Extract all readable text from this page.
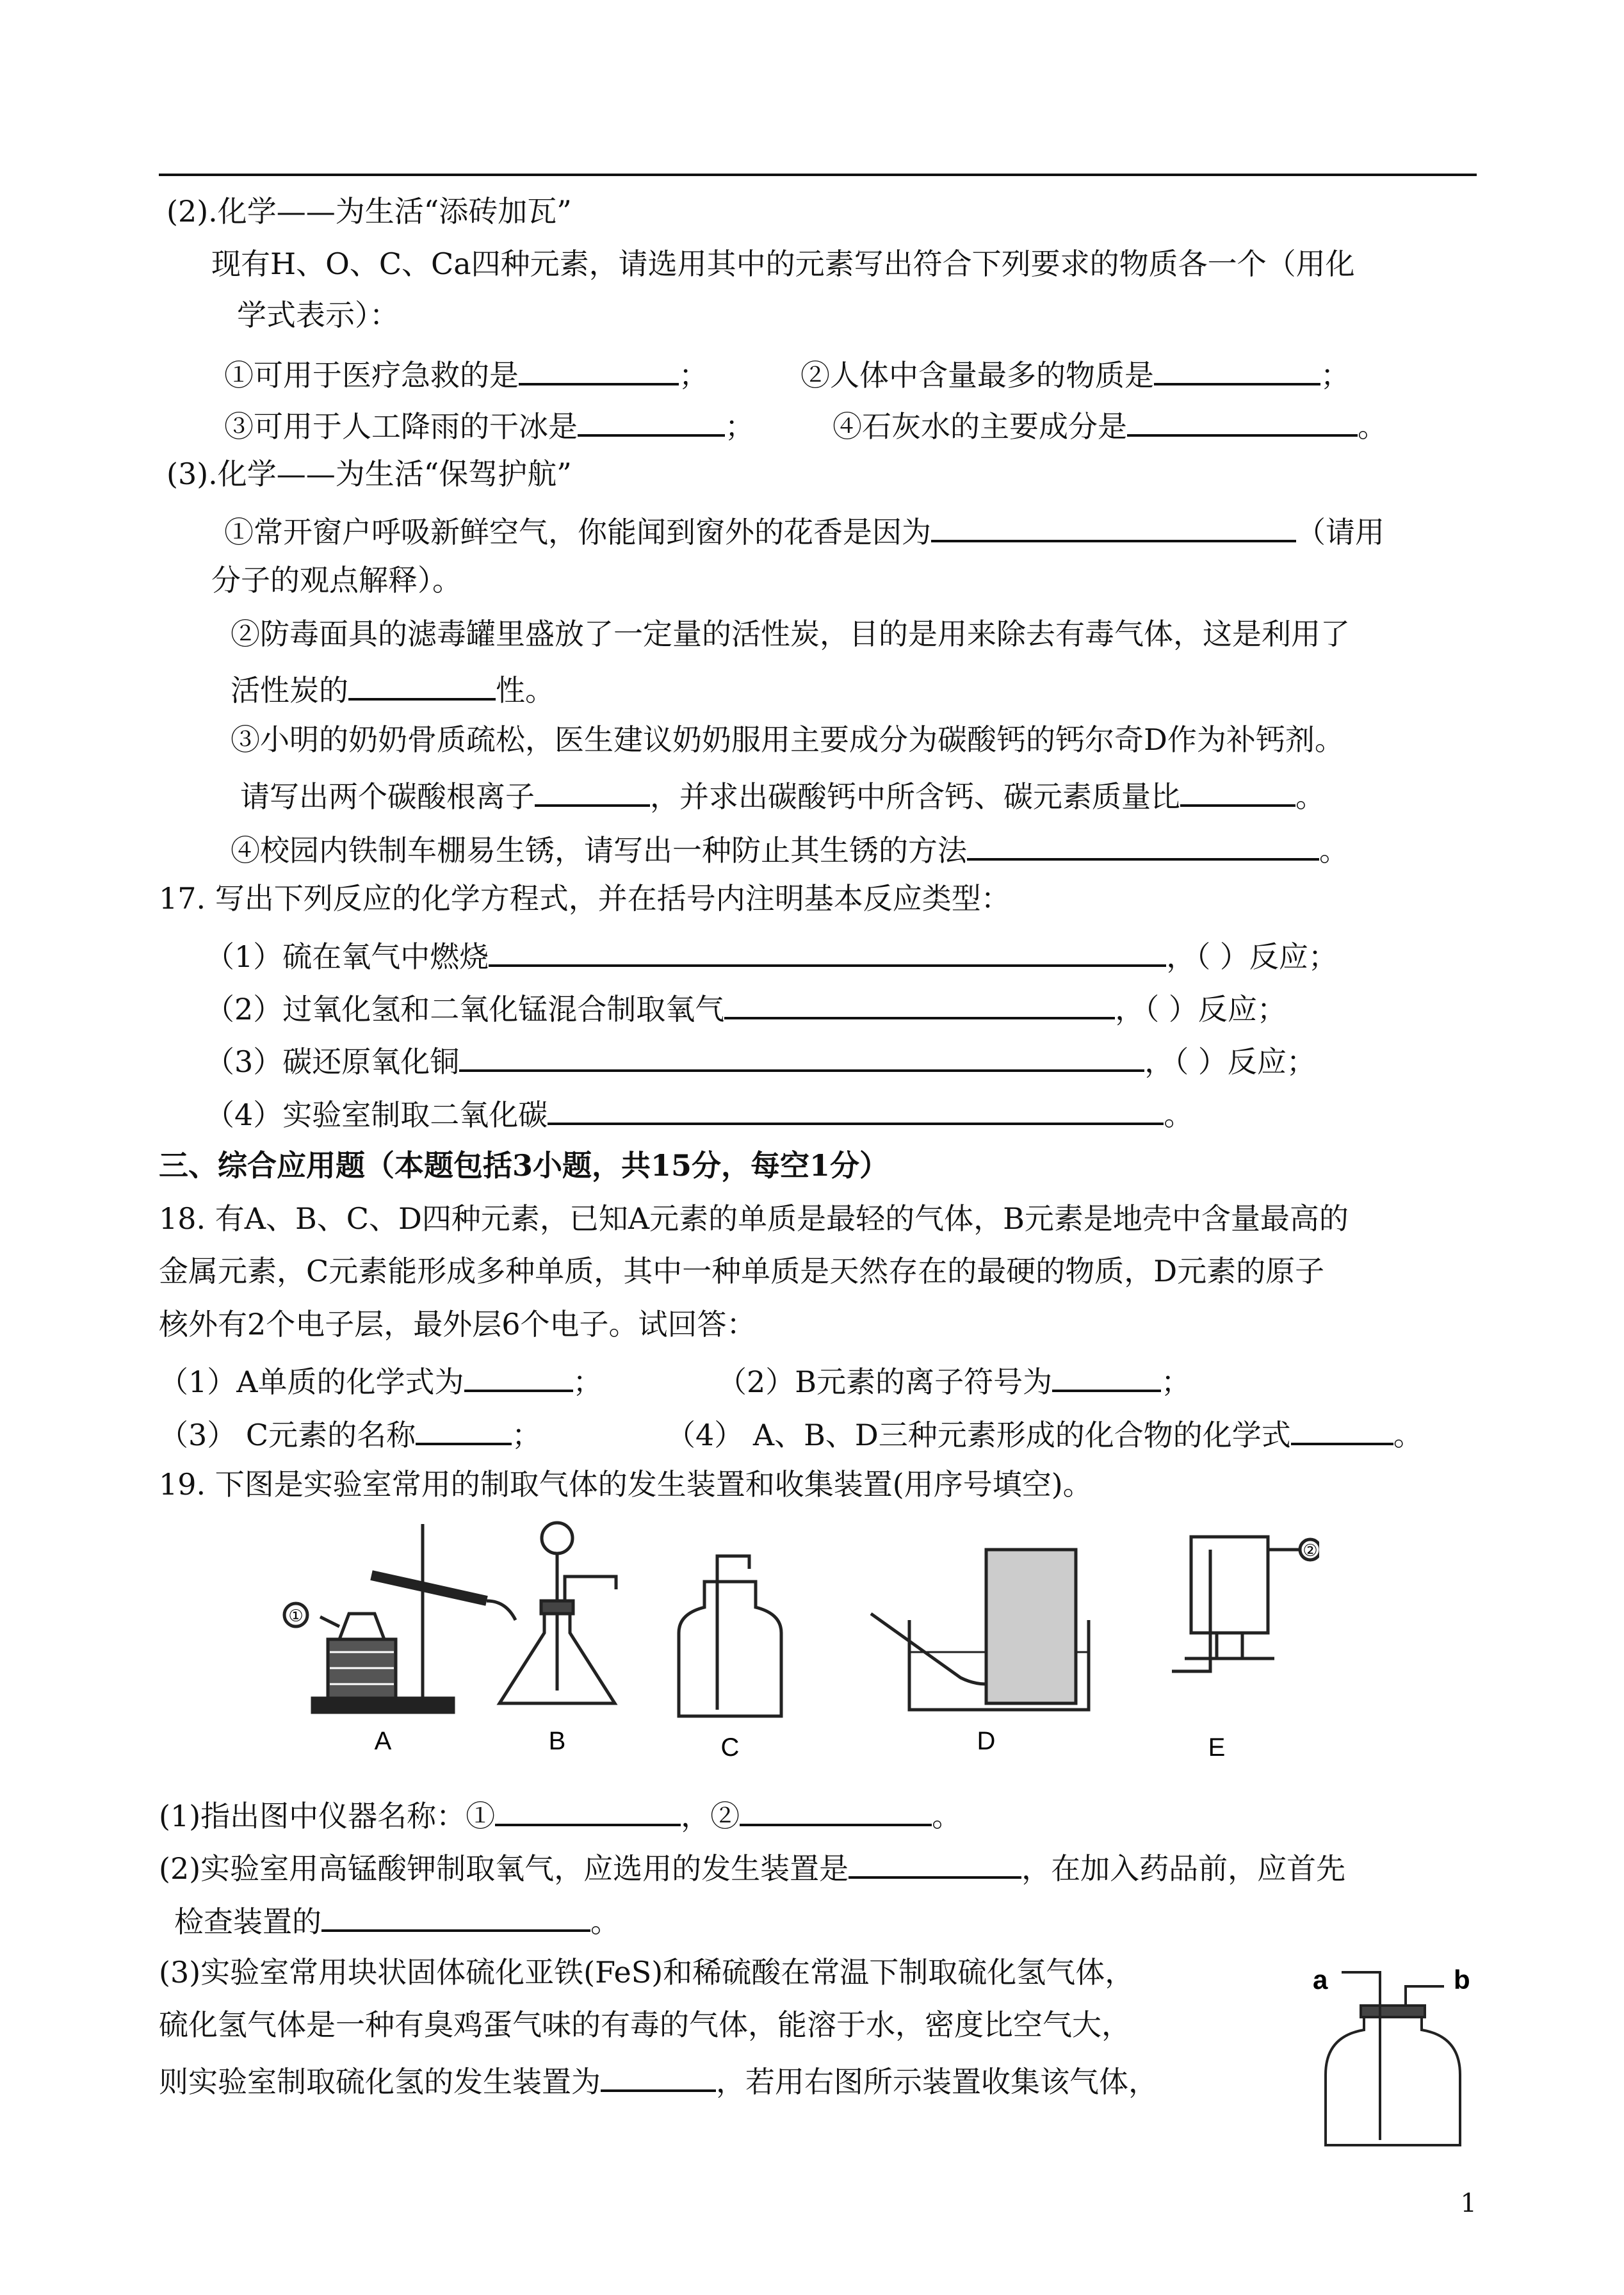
(2).化学——为生活“添砖加瓦”
现有H、O、C、Ca四种元素，请选用其中的元素写出符合下列要求的物质各一个（用化
学式表示）：
①可用于医疗急救的是	；	②人体中含量最多的物质是	；
③可用于人工降雨的干冰是	；	④石灰水的主要成分是	。
(3).化学——为生活“保驾护航”
①常开窗户呼吸新鲜空气，你能闻到窗外的花香是因为	（请用
分子的观点解释）。
②防毒面具的滤毒罐里盛放了一定量的活性炭，目的是用来除去有毒气体，这是利用了
活性炭的	性。
③小明的奶奶骨质疏松，医生建议奶奶服用主要成分为碳酸钙的钙尔奇D作为补钙剂。
请写出两个碳酸根离子	，并求出碳酸钙中所含钙、碳元素质量比	。
④校园内铁制车棚易生锈，请写出一种防止其生锈的方法	。
17. 写出下列反应的化学方程式，并在括号内注明基本反应类型：
（1）硫在氧气中燃烧	，（ ）反应；
（2）过氧化氢和二氧化锰混合制取氧气	，（ ）反应；
（3）碳还原氧化铜	，（ ）反应；
（4）实验室制取二氧化碳	。
三、综合应用题（本题包括3小题，共15分，每空1分）
18. 有A、B、C、D四种元素，已知A元素的单质是最轻的气体，B元素是地壳中含量最高的
金属元素，C元素能形成多种单质，其中一种单质是天然存在的最硬的物质，D元素的原子
核外有2个电子层，最外层6个电子。试回答：
（1）A单质的化学式为	；	（2）B元素的离子符号为	；
（3） C元素的名称	；	（4） A、B、D三种元素形成的化合物的化学式	。
19. 下图是实验室常用的制取气体的发生装置和收集装置(用序号填空)。
①
②
A	B	C	D	E
(1)指出图中仪器名称：①	，②	。
(2)实验室用高锰酸钾制取氧气，应选用的发生装置是	，在加入药品前，应首先
检查装置的	。
(3)实验室常用块状固体硫化亚铁(FeS)和稀硫酸在常温下制取硫化氢气体，
硫化氢气体是一种有臭鸡蛋气味的有毒的气体，能溶于水，密度比空气大，
则实验室制取硫化氢的发生装置为	，若用右图所示装置收集该气体，
a	b
1
